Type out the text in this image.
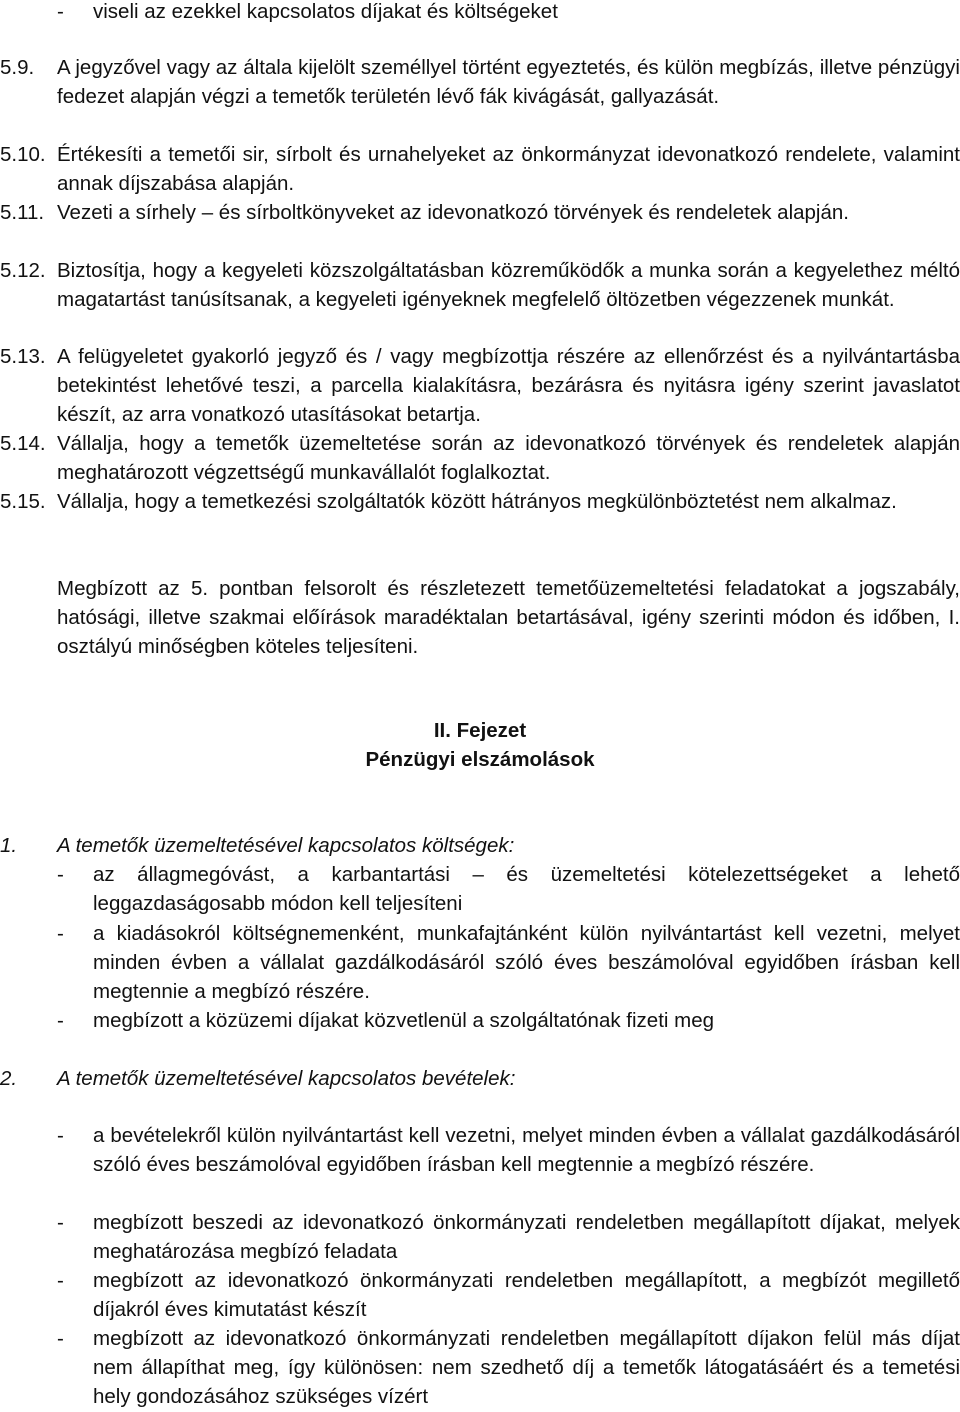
- viseli az ezekkel kapcsolatos díjakat és költségeket
5.9. A jegyzővel vagy az általa kijelölt személlyel történt egyeztetés, és külön megbízás, illetve pénzügyi fedezet alapján végzi a temetők területén lévő fák kivágását, gallyazását.
5.10. Értékesíti a temetői sir, sírbolt és urnahelyeket az önkormányzat idevonatkozó rendelete, valamint annak díjszabása alapján.
5.11. Vezeti a sírhely – és sírboltkönyveket az idevonatkozó törvények és rendeletek alapján.
5.12. Biztosítja, hogy a kegyeleti közszolgáltatásban közreműködők a munka során a kegyelethez méltó magatartást tanúsítsanak, a kegyeleti igényeknek megfelelő öltözetben végezzenek munkát.
5.13. A felügyeletet gyakorló jegyző és / vagy megbízottja részére az ellenőrzést és a nyilvántartásba betekintést lehetővé teszi, a parcella kialakításra, bezárásra és nyitásra igény szerint javaslatot készít, az arra vonatkozó utasításokat betartja.
5.14. Vállalja, hogy a temetők üzemeltetése során az idevonatkozó törvények és rendeletek alapján meghatározott végzettségű munkavállalót foglalkoztat.
5.15. Vállalja, hogy a temetkezési szolgáltatók között hátrányos megkülönböztetést nem alkalmaz.
Megbízott az 5. pontban felsorolt és részletezett temetőüzemeltetési feladatokat a jogszabály, hatósági, illetve szakmai előírások maradéktalan betartásával, igény szerinti módon és időben, I. osztályú minőségben köteles teljesíteni.
II. Fejezet
Pénzügyi elszámolások
1. A temetők üzemeltetésével kapcsolatos költségek:
- az állagmegóvást, a karbantartási – és üzemeltetési kötelezettségeket a lehető leggazdaságosabb módon kell teljesíteni
- a kiadásokról költségnemenként, munkafajtánként külön nyilvántartást kell vezetni, melyet minden évben a vállalat gazdálkodásáról szóló éves beszámolóval egyidőben írásban kell megtennie a megbízó részére.
- megbízott a közüzemi díjakat közvetlenül a szolgáltatónak fizeti meg
2. A temetők üzemeltetésével kapcsolatos bevételek:
- a bevételekről külön nyilvántartást kell vezetni, melyet minden évben a vállalat gazdálkodásáról szóló éves beszámolóval egyidőben írásban kell megtennie a megbízó részére.
- megbízott beszedi az idevonatkozó önkormányzati rendeletben megállapított díjakat, melyek meghatározása megbízó feladata
- megbízott az idevonatkozó önkormányzati rendeletben megállapított, a megbízót megillető díjakról éves kimutatást készít
- megbízott az idevonatkozó önkormányzati rendeletben megállapított díjakon felül más díjat nem állapíthat meg, így különösen: nem szedhető díj a temetők látogatásáért és a temetési hely gondozásához szükséges vízért
